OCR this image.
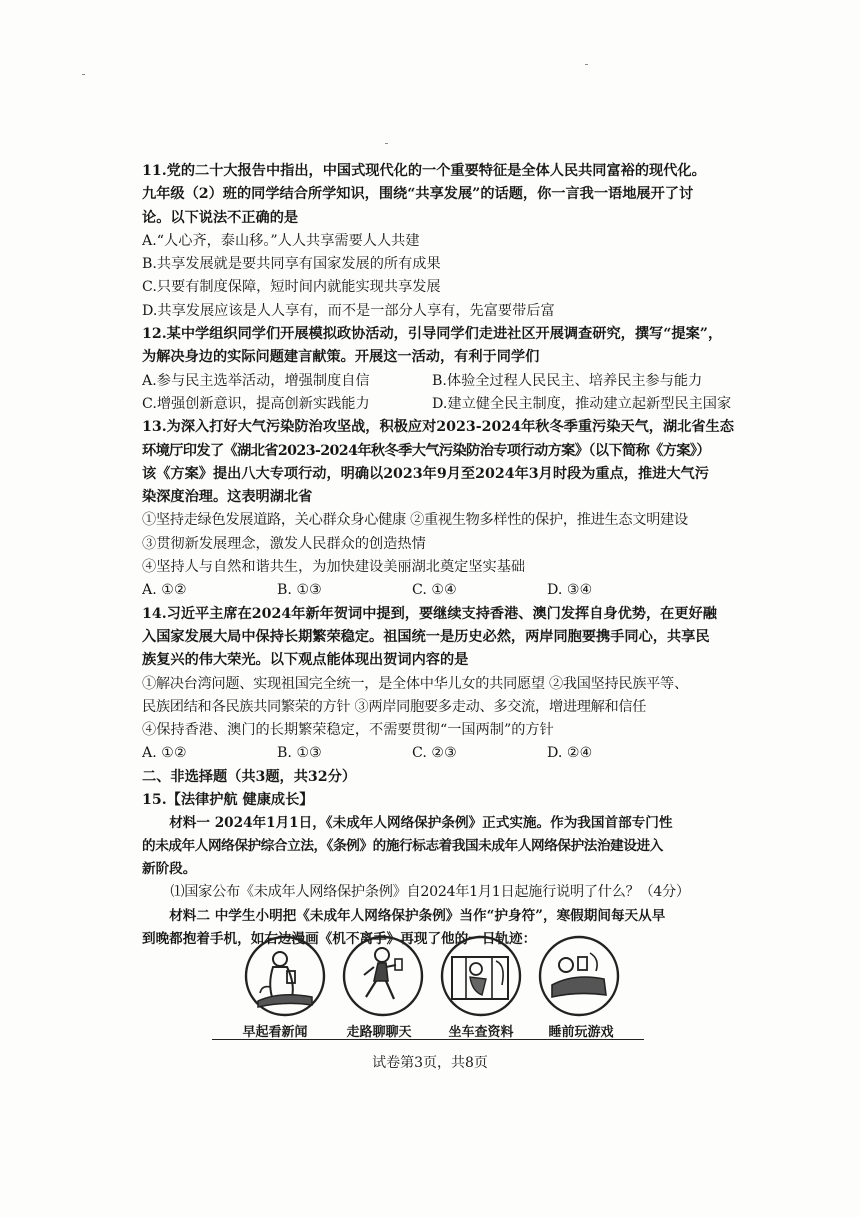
11.党的二十大报告中指出，中国式现代化的一个重要特征是全体人民共同富裕的现代化。
九年级（2）班的同学结合所学知识，围绕“共享发展”的话题，你一言我一语地展开了讨
论。以下说法不正确的是
A.“人心齐，泰山移。”人人共享需要人人共建
B.共享发展就是要共同享有国家发展的所有成果
C.只要有制度保障，短时间内就能实现共享发展
D.共享发展应该是人人享有，而不是一部分人享有，先富要带后富
12.某中学组织同学们开展模拟政协活动，引导同学们走进社区开展调查研究，撰写“提案”，
为解决身边的实际问题建言献策。开展这一活动，有利于同学们
A.参与民主选举活动，增强制度自信	B.体验全过程人民民主、培养民主参与能力
C.增强创新意识，提高创新实践能力	D.建立健全民主制度，推动建立起新型民主国家
13.为深入打好大气污染防治攻坚战，积极应对2023-2024年秋冬季重污染天气，湖北省生态
环境厅印发了《湖北省2023-2024年秋冬季大气污染防治专项行动方案》（以下简称《方案》）
该《方案》提出八大专项行动，明确以2023年9月至2024年3月时段为重点，推进大气污
染深度治理。这表明湖北省
①坚持走绿色发展道路，关心群众身心健康 ②重视生物多样性的保护，推进生态文明建设
③贯彻新发展理念，激发人民群众的创造热情
④坚持人与自然和谐共生，为加快建设美丽湖北奠定坚实基础
A. ①②	B. ①③	C. ①④	D. ③④
14.习近平主席在2024年新年贺词中提到，要继续支持香港、澳门发挥自身优势，在更好融
入国家发展大局中保持长期繁荣稳定。祖国统一是历史必然，两岸同胞要携手同心，共享民
族复兴的伟大荣光。以下观点能体现出贺词内容的是
①解决台湾问题、实现祖国完全统一，是全体中华儿女的共同愿望 ②我国坚持民族平等、
民族团结和各民族共同繁荣的方针 ③两岸同胞要多走动、多交流，增进理解和信任
④保持香港、澳门的长期繁荣稳定，不需要贯彻“一国两制”的方针
A. ①②	B. ①③	C. ②③	D. ②④
二、非选择题（共3题，共32分）
15.【法律护航 健康成长】
材料一 2024年1月1日，《未成年人网络保护条例》正式实施。作为我国首部专门性
的未成年人网络保护综合立法，《条例》的施行标志着我国未成年人网络保护法治建设进入
新阶段。
⑴国家公布《未成年人网络保护条例》自2024年1月1日起施行说明了什么？（4分）
材料二 中学生小明把《未成年人网络保护条例》当作“护身符”，寒假期间每天从早
到晚都抱着手机，如右边漫画《机不离手》再现了他的一日轨迹：
早起看新闻	走路聊聊天	坐车查资料	睡前玩游戏
试卷第3页，共8页
